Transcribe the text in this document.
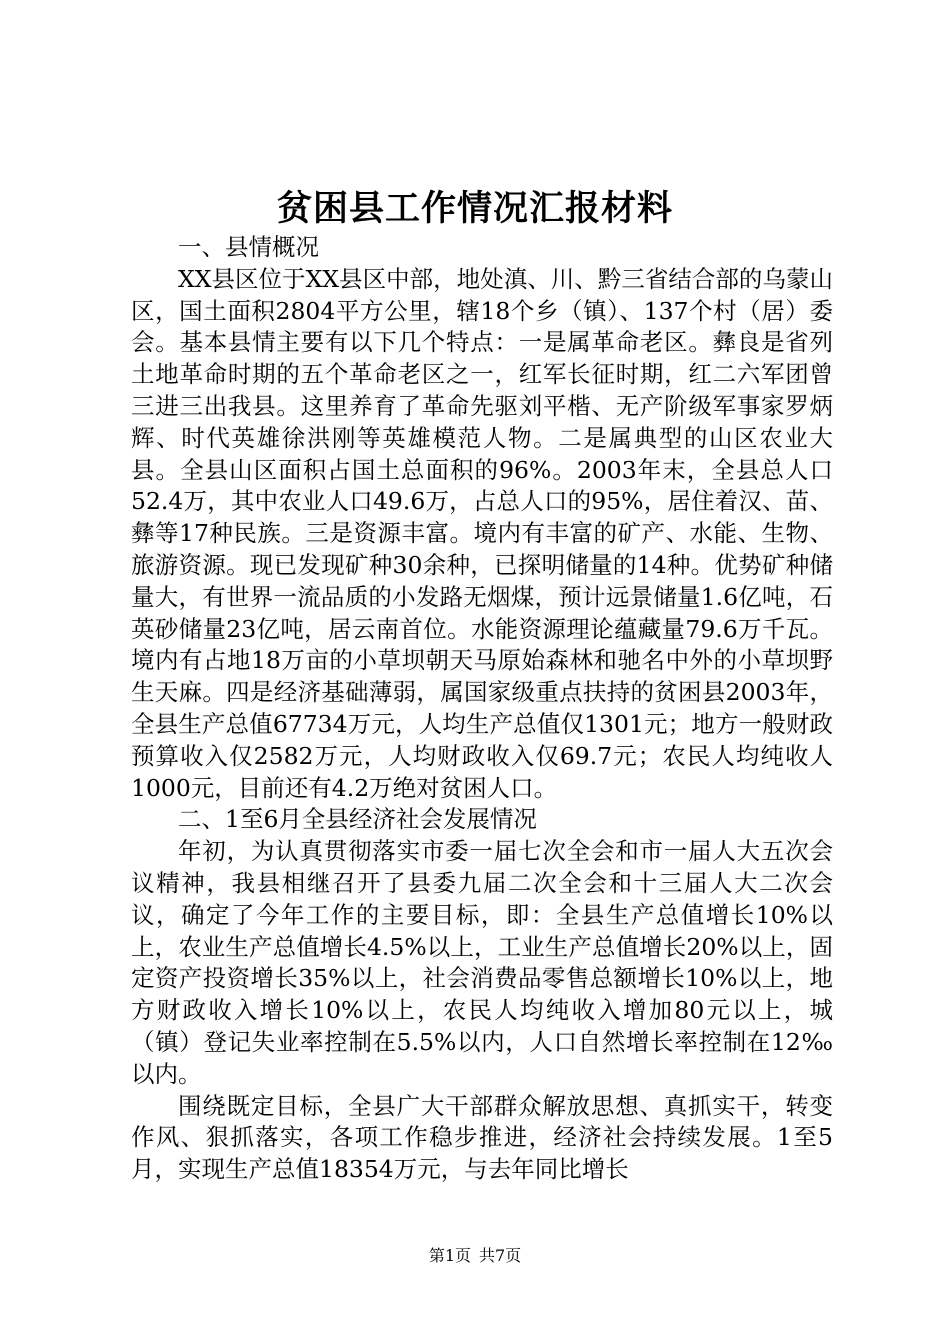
贫困县工作情况汇报材料

一、县情概况

XX县区位于XX县区中部，地处滇、川、黔三省结合部的乌蒙山区，国土面积2804平方公里，辖18个乡（镇）、137个村（居）委会。基本县情主要有以下几个特点：一是属革命老区。彝良是省列土地革命时期的五个革命老区之一，红军长征时期，红二六军团曾三进三出我县。这里养育了革命先驱刘平楷、无产阶级军事家罗炳辉、时代英雄徐洪刚等英雄模范人物。二是属典型的山区农业大县。全县山区面积占国土总面积的96%。2003年末，全县总人口52.4万，其中农业人口49.6万，占总人口的95%，居住着汉、苗、彝等17种民族。三是资源丰富。境内有丰富的矿产、水能、生物、旅游资源。现已发现矿种30余种，已探明储量的14种。优势矿种储量大，有世界一流品质的小发路无烟煤，预计远景储量1.6亿吨，石英砂储量23亿吨，居云南首位。水能资源理论蕴藏量79.6万千瓦。境内有占地18万亩的小草坝朝天马原始森林和驰名中外的小草坝野生天麻。四是经济基础薄弱，属国家级重点扶持的贫困县2003年，全县生产总值67734万元，人均生产总值仅1301元；地方一般财政预算收入仅2582万元，人均财政收入仅69.7元；农民人均纯收人1000元，目前还有4.2万绝对贫困人口。

二、1至6月全县经济社会发展情况

年初，为认真贯彻落实市委一届七次全会和市一届人大五次会议精神，我县相继召开了县委九届二次全会和十三届人大二次会议，确定了今年工作的主要目标，即：全县生产总值增长10%以上，农业生产总值增长4.5%以上，工业生产总值增长20%以上，固定资产投资增长35%以上，社会消费品零售总额增长10%以上，地方财政收入增长10%以上，农民人均纯收入增加80元以上，城（镇）登记失业率控制在5.5%以内，人口自然增长率控制在12‰以内。

围绕既定目标，全县广大干部群众解放思想、真抓实干，转变作风、狠抓落实，各项工作稳步推进，经济社会持续发展。1至5月，实现生产总值18354万元，与去年同比增长

第1页 共7页
